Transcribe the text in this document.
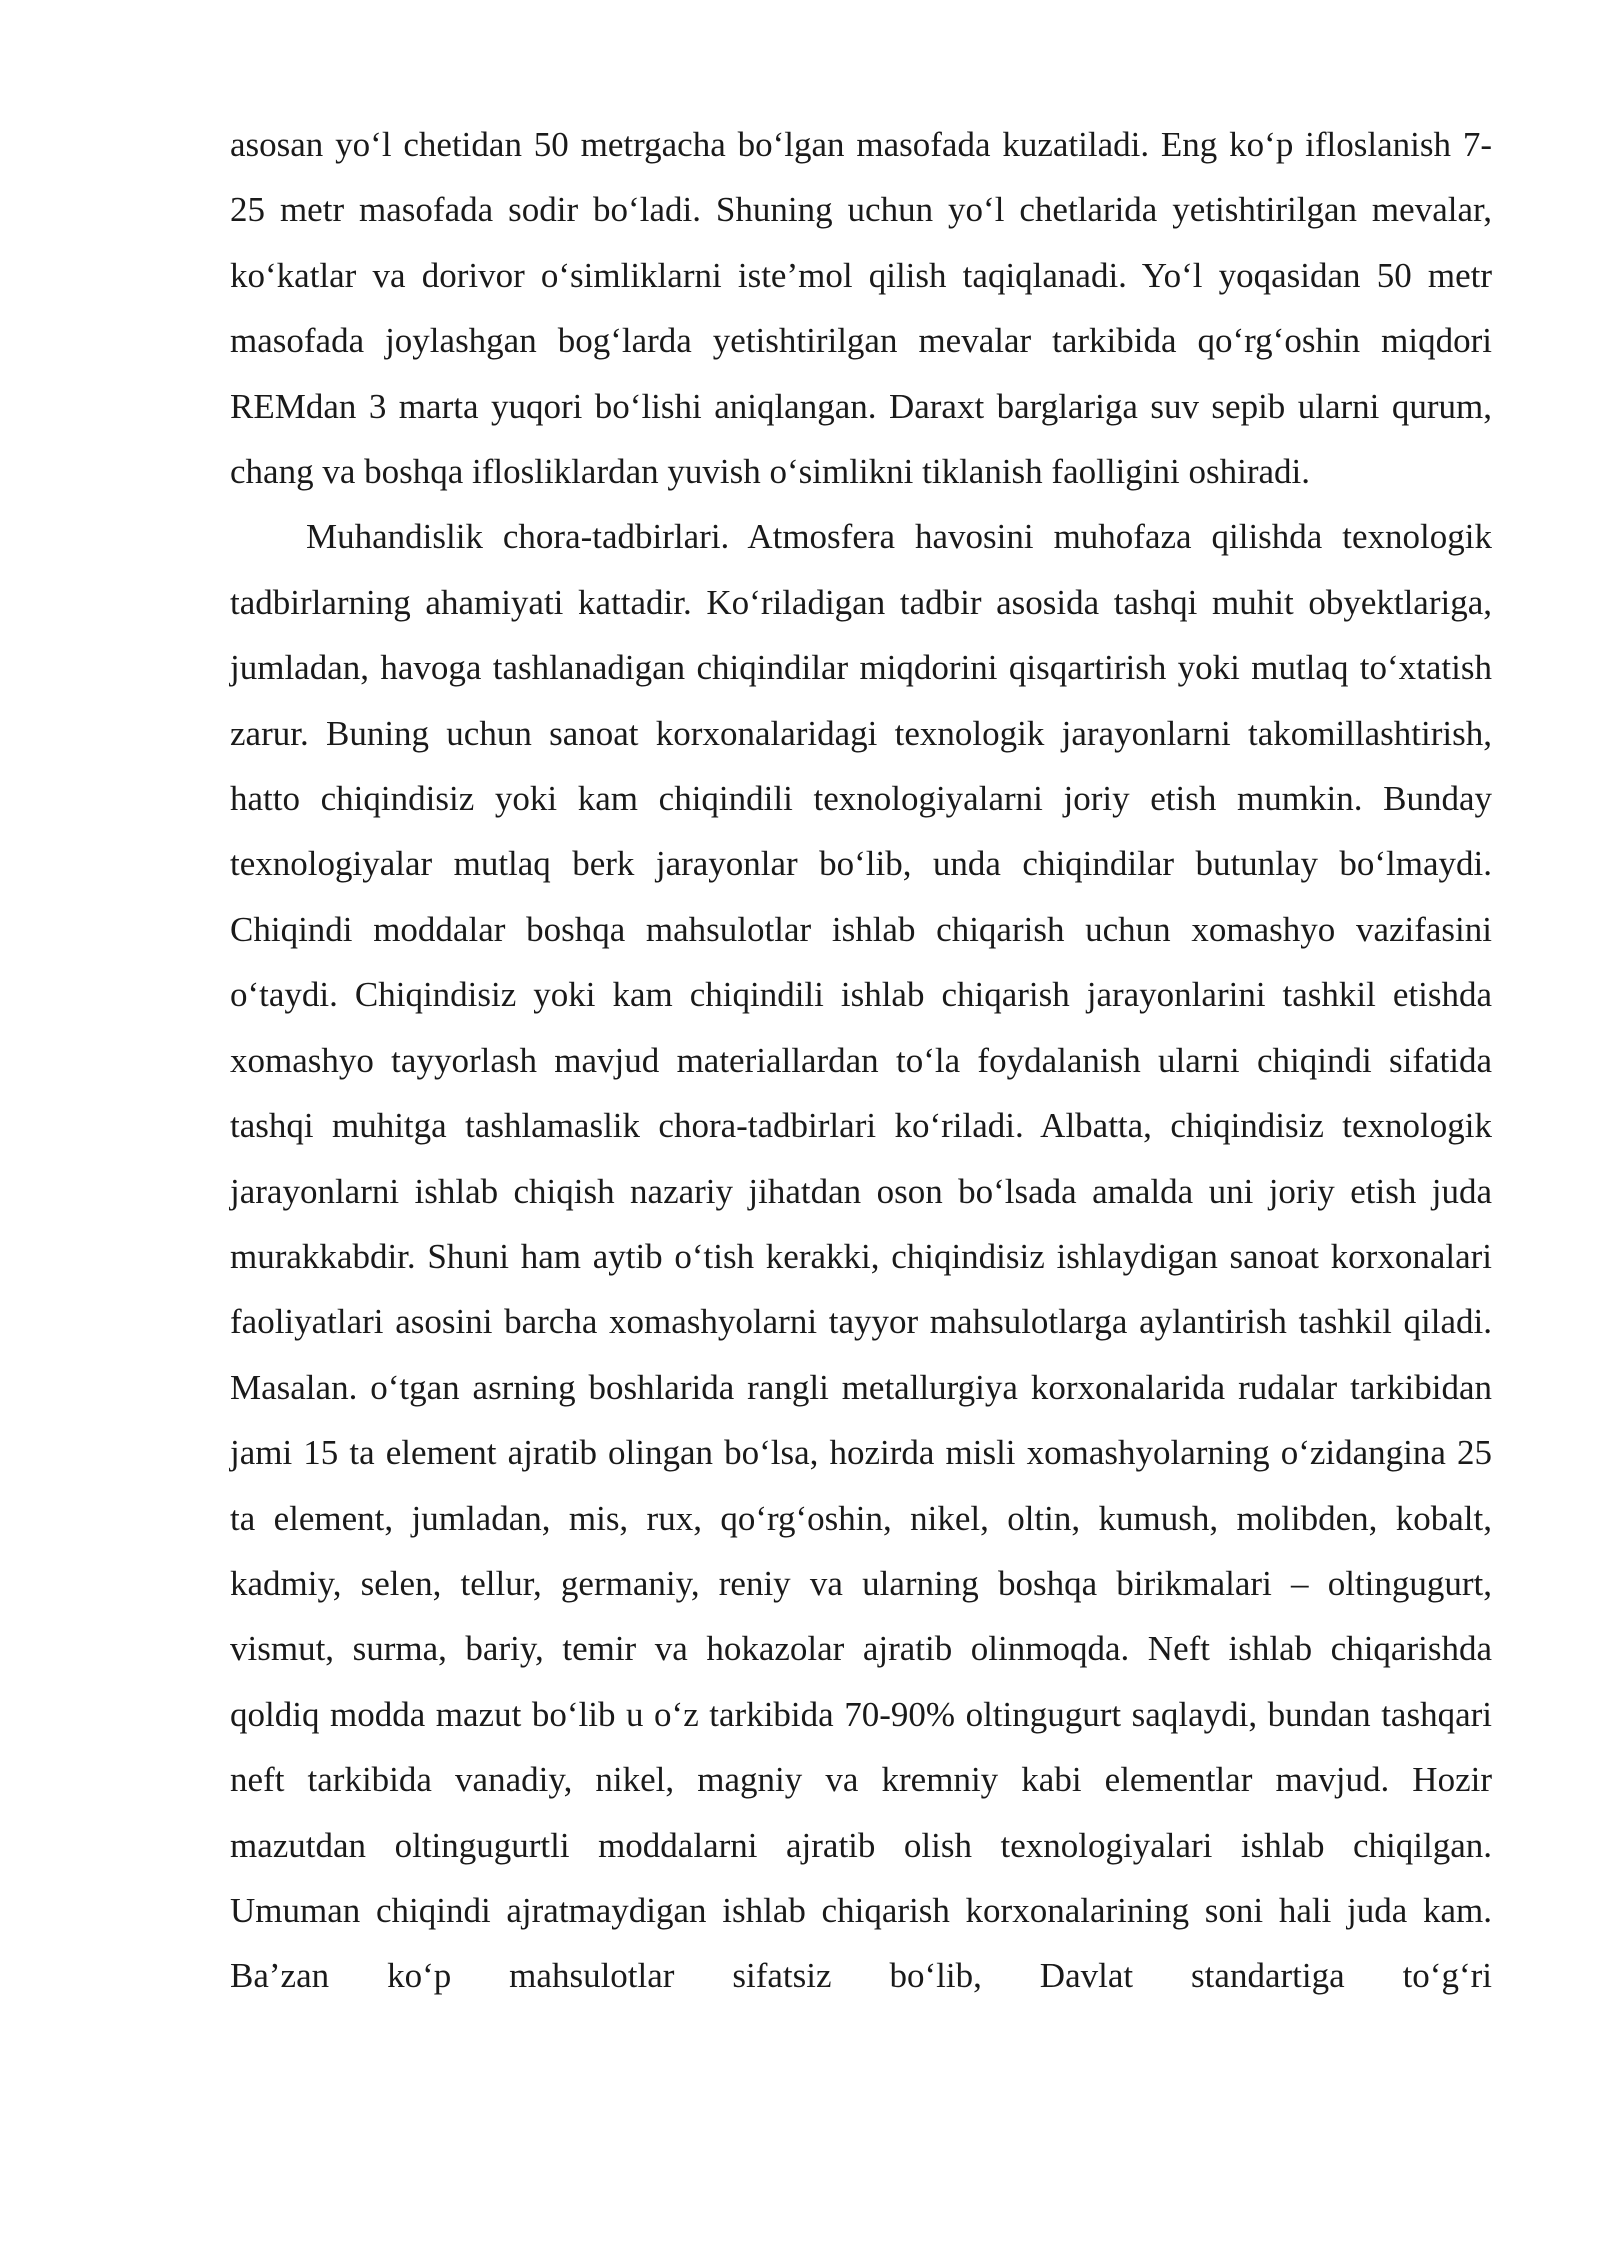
asosan yo‘l chetidan 50 metrgacha bo‘lgan masofada kuzatiladi. Eng ko‘p ifloslanish 7-25 metr masofada sodir bo‘ladi. Shuning uchun yo‘l chetlarida yetishtirilgan mevalar, ko‘katlar va dorivor o‘simliklarni iste’mol qilish taqiqlanadi. Yo‘l yoqasidan 50 metr masofada joylashgan bog‘larda yetishtirilgan mevalar tarkibida qo‘rg‘oshin miqdori REMdan 3 marta yuqori bo‘lishi aniqlangan. Daraxt barglariga suv sepib ularni qurum, chang va boshqa iflosliklardan yuvish o‘simlikni tiklanish faolligini oshiradi.

Muhandislik chora-tadbirlari. Atmosfera havosini muhofaza qilishda texnologik tadbirlarning ahamiyati kattadir. Ko‘riladigan tadbir asosida tashqi muhit obyektlariga, jumladan, havoga tashlanadigan chiqindilar miqdorini qisqartirish yoki mutlaq to‘xtatish zarur. Buning uchun sanoat korxonalaridagi texnologik jarayonlarni takomillashtirish, hatto chiqindisiz yoki kam chiqindili texnologiyalarni joriy etish mumkin. Bunday texnologiyalar mutlaq berk jarayonlar bo‘lib, unda chiqindilar butunlay bo‘lmaydi. Chiqindi moddalar boshqa mahsulotlar ishlab chiqarish uchun xomashyo vazifasini o‘taydi. Chiqindisiz yoki kam chiqindili ishlab chiqarish jarayonlarini tashkil etishda xomashyo tayyorlash mavjud materiallardan to‘la foydalanish ularni chiqindi sifatida tashqi muhitga tashlamaslik chora-tadbirlari ko‘riladi. Albatta, chiqindisiz texnologik jarayonlarni ishlab chiqish nazariy jihatdan oson bo‘lsada amalda uni joriy etish juda murakkabdir. Shuni ham aytib o‘tish kerakki, chiqindisiz ishlaydigan sanoat korxonalari faoliyatlari asosini barcha xomashyolarni tayyor mahsulotlarga aylantirish tashkil qiladi. Masalan. o‘tgan asrning boshlarida rangli metallurgiya korxonalarida rudalar tarkibidan jami 15 ta element ajratib olingan bo‘lsa, hozirda misli xomashyolarning o‘zidangina 25 ta element, jumladan, mis, rux, qo‘rg‘oshin, nikel, oltin, kumush, molibden, kobalt, kadmiy, selen, tellur, germaniy, reniy va ularning boshqa birikmalari – oltingugurt, vismut, surma, bariy, temir va hokazolar ajratib olinmoqda. Neft ishlab chiqarishda qoldiq modda mazut bo‘lib u o‘z tarkibida 70-90% oltingugurt saqlaydi, bundan tashqari neft tarkibida vanadiy, nikel, magniy va kremniy kabi elementlar mavjud. Hozir mazutdan oltingugurtli moddalarni ajratib olish texnologiyalari ishlab chiqilgan. Umuman chiqindi ajratmaydigan ishlab chiqarish korxonalarining soni hali juda kam. Ba’zan ko‘p mahsulotlar sifatsiz bo‘lib, Davlat standartiga to‘g‘ri
